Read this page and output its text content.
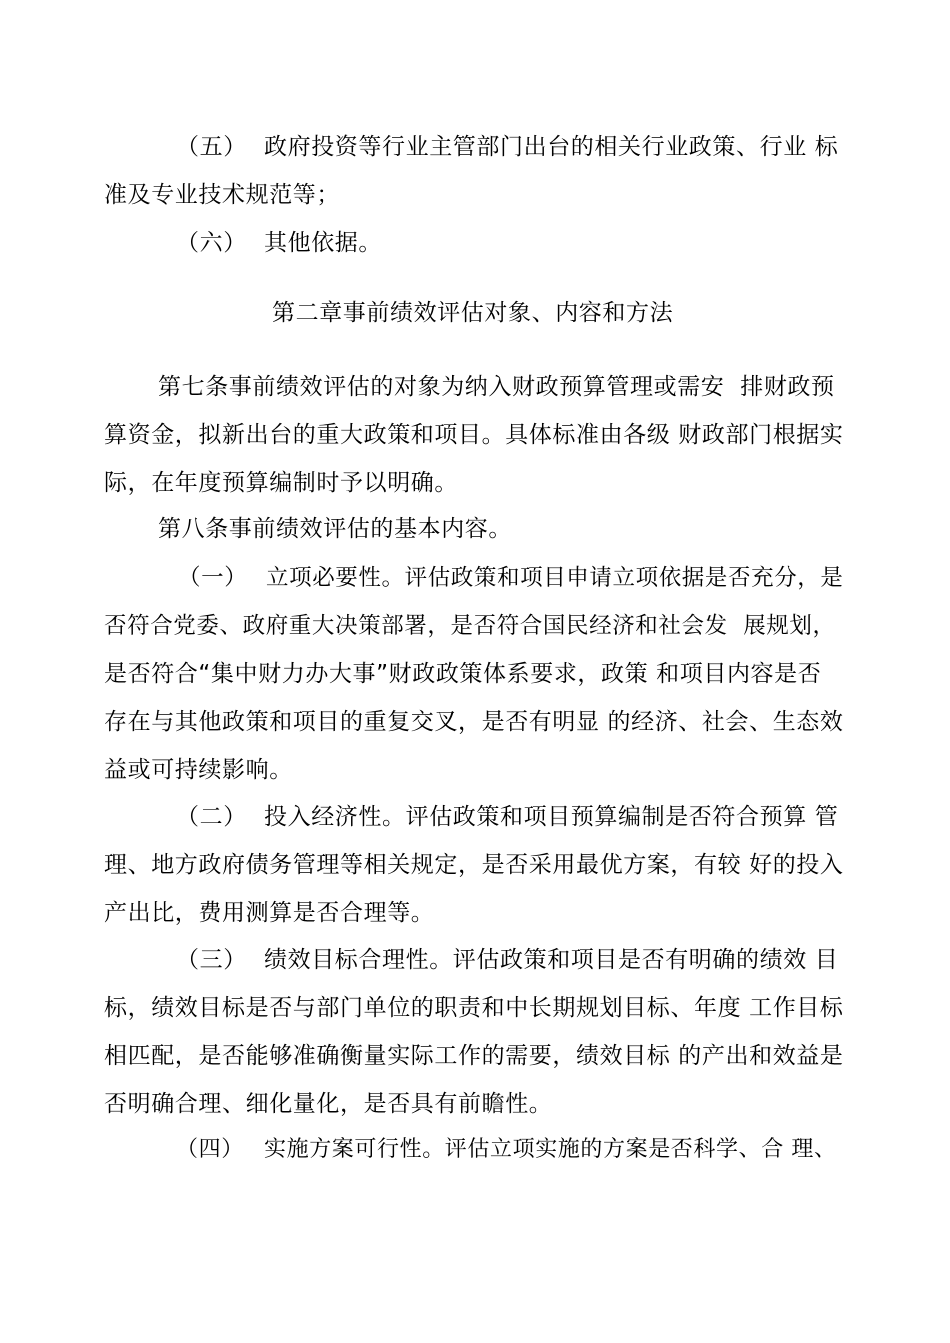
（五） 政府投资等行业主管部门出台的相关行业政策、行业 标
准及专业技术规范等；
（六） 其他依据。
第二章事前绩效评估对象、内容和方法
第七条事前绩效评估的对象为纳入财政预算管理或需安  排财政预
算资金，拟新出台的重大政策和项目。具体标准由各级 财政部门根据实
际，在年度预算编制时予以明确。
第八条事前绩效评估的基本内容。
（一） 立项必要性。评估政策和项目申请立项依据是否充分，是
否符合党委、政府重大决策部署，是否符合国民经济和社会发  展规划，
是否符合“集中财力办大事”财政政策体系要求，政策 和项目内容是否
存在与其他政策和项目的重复交叉，是否有明显 的经济、社会、生态效
益或可持续影响。
（二） 投入经济性。评估政策和项目预算编制是否符合预算 管
理、地方政府债务管理等相关规定，是否采用最优方案，有较 好的投入
产出比，费用测算是否合理等。
（三） 绩效目标合理性。评估政策和项目是否有明确的绩效 目
标，绩效目标是否与部门单位的职责和中长期规划目标、年度 工作目标
相匹配，是否能够准确衡量实际工作的需要，绩效目标 的产出和效益是
否明确合理、细化量化，是否具有前瞻性。
（四） 实施方案可行性。评估立项实施的方案是否科学、合 理、
